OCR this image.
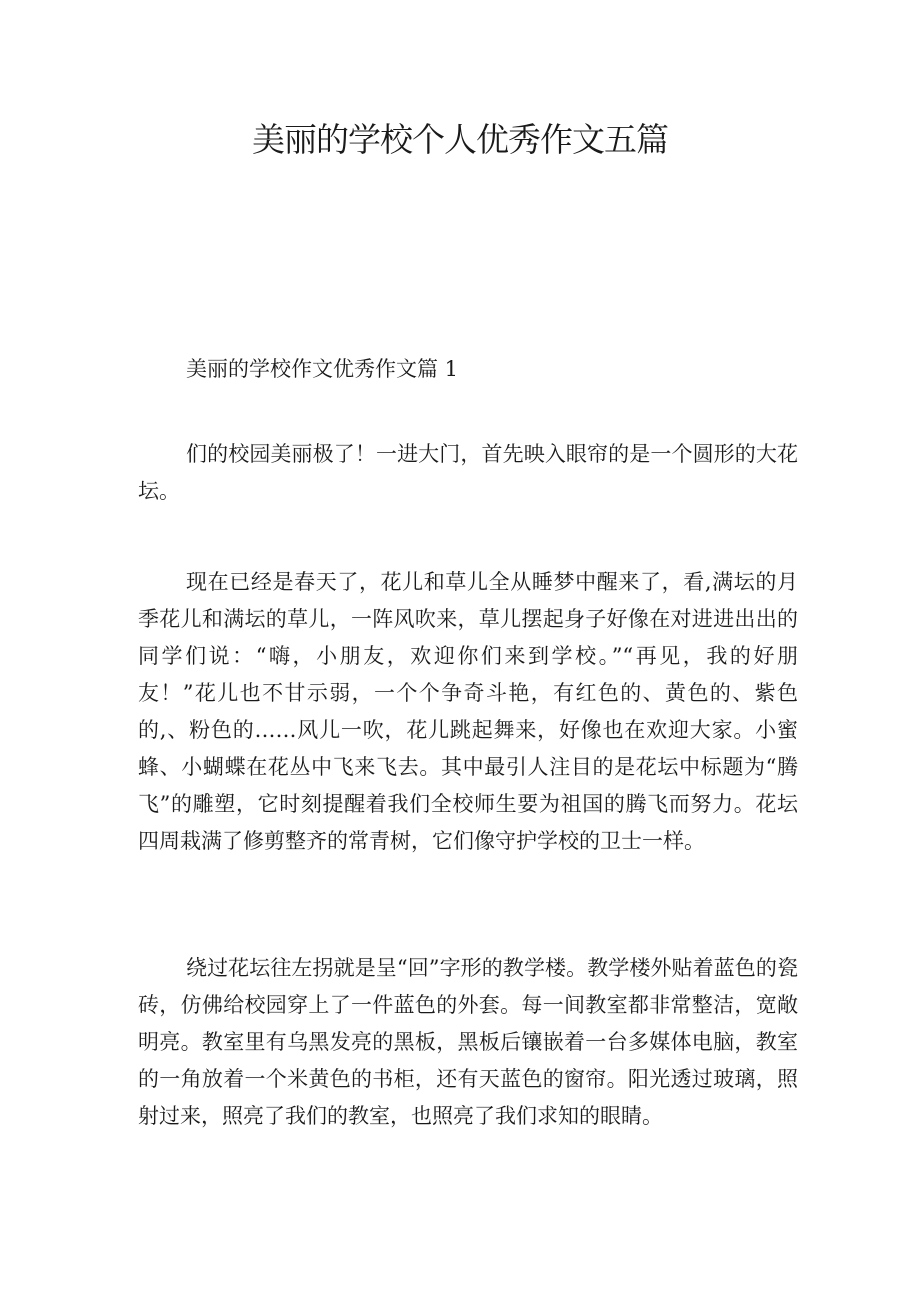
美丽的学校个人优秀作文五篇
美丽的学校作文优秀作文篇 1

们的校园美丽极了！一进大门，首先映入眼帘的是一个圆形的大花坛。

现在已经是春天了，花儿和草儿全从睡梦中醒来了，看,满坛的月季花儿和满坛的草儿，一阵风吹来，草儿摆起身子好像在对进进出出的同学们说：“嗨，小朋友，欢迎你们来到学校。”“再见，我的好朋友！”花儿也不甘示弱，一个个争奇斗艳，有红色的、黄色的、紫色的,、粉色的……风儿一吹，花儿跳起舞来，好像也在欢迎大家。小蜜蜂、小蝴蝶在花丛中飞来飞去。其中最引人注目的是花坛中标题为“腾飞”的雕塑，它时刻提醒着我们全校师生要为祖国的腾飞而努力。花坛四周栽满了修剪整齐的常青树，它们像守护学校的卫士一样。

绕过花坛往左拐就是呈“回”字形的教学楼。教学楼外贴着蓝色的瓷砖，仿佛给校园穿上了一件蓝色的外套。每一间教室都非常整洁，宽敞明亮。教室里有乌黑发亮的黑板，黑板后镶嵌着一台多媒体电脑，教室的一角放着一个米黄色的书柜，还有天蓝色的窗帘。阳光透过玻璃，照射过来，照亮了我们的教室，也照亮了我们求知的眼睛。
